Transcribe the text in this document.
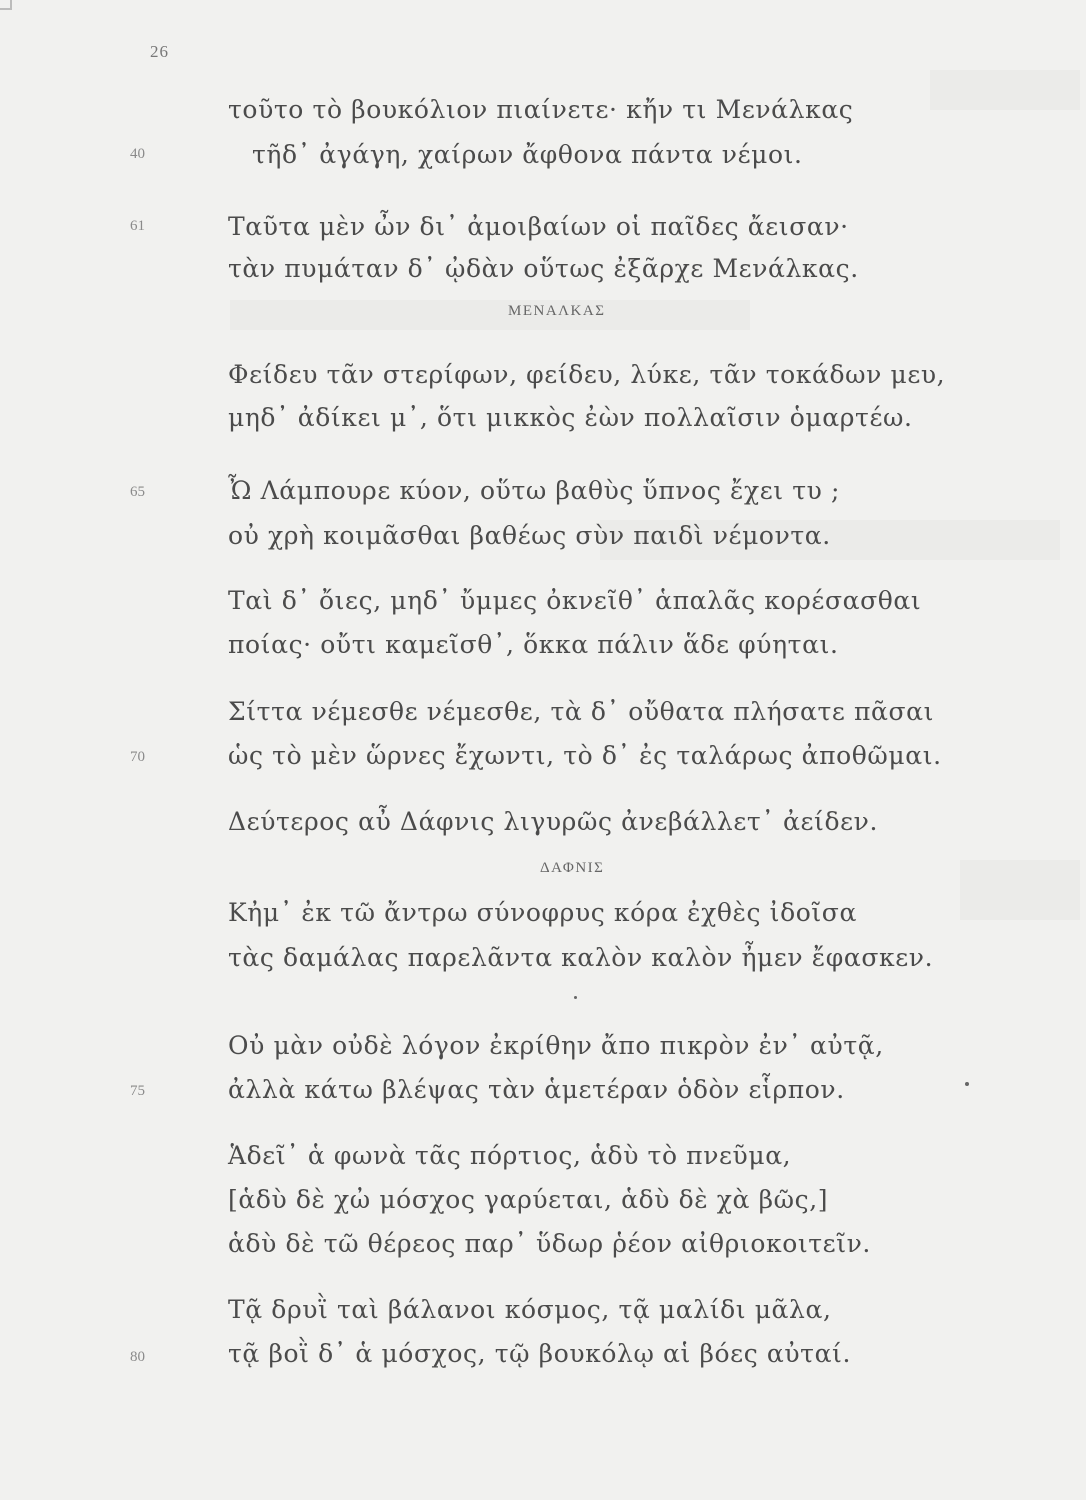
26
40
61
65
70
75
80
ΜΕΝΑΛΚΑΣ
ΔΑΦΝΙΣ
τοῦτο τὸ βουκόλιον πιαίνετε· κἤν τι Μενάλκας
τῆδ᾽ ἀγάγη, χαίρων ἄφθονα πάντα νέμοι.
Ταῦτα μὲν ὦν δι᾽ ἀμοιβαίων οἱ παῖδες ἄεισαν·
τὰν πυμάταν δ᾽ ᾠδὰν οὕτως ἐξᾶρχε Μενάλκας.
Φείδευ τᾶν στερίφων, φείδευ, λύκε, τᾶν τοκάδων μευ,
μηδ᾽ ἀδίκει μ᾽, ὅτι μικκὸς ἐὼν πολλαῖσιν ὁμαρτέω.
Ὦ Λάμπουρε κύον, οὕτω βαθὺς ὕπνος ἔχει τυ ;
οὐ χρὴ κοιμᾶσθαι βαθέως σὺν παιδὶ νέμοντα.
Ταὶ δ᾽ ὄιες, μηδ᾽ ὔμμες ὀκνεῖθ᾽ ἁπαλᾶς κορέσασθαι
ποίας· οὔτι καμεῖσθ᾽, ὅκκα πάλιν ἅδε φύηται.
Σίττα νέμεσθε νέμεσθε, τὰ δ᾽ οὔθατα πλήσατε πᾶσαι
ὡς τὸ μὲν ὥρνες ἔχωντι, τὸ δ᾽ ἐς ταλάρως ἀποθῶμαι.
Δεύτερος αὖ Δάφνις λιγυρῶς ἀνεβάλλετ᾽ ἀείδεν.
Κἠμ᾽ ἐκ τῶ ἄντρω σύνοφρυς κόρα ἐχθὲς ἰδοῖσα
τὰς δαμάλας παρελᾶντα καλὸν καλὸν ἦμεν ἔφασκεν.
Οὐ μὰν οὐδὲ λόγον ἐκρίθην ἄπο πικρὸν ἐν᾽ αὐτᾷ,
ἀλλὰ κάτω βλέψας τὰν ἁμετέραν ὁδὸν εἷρπον.
Ἁδεῖ᾽ ἁ φωνὰ τᾶς πόρτιος, ἁδὺ τὸ πνεῦμα,
[ἁδὺ δὲ χὠ μόσχος γαρύεται, ἁδὺ δὲ χὰ βῶς,]
ἁδὺ δὲ τῶ θέρεος παρ᾽ ὕδωρ ῥέον αἰθριοκοιτεῖν.
Τᾷ δρυῒ ταὶ βάλανοι κόσμος, τᾷ μαλίδι μᾶλα,
τᾷ βοῒ δ᾽ ἁ μόσχος, τῷ βουκόλῳ αἱ βόες αὐταί.
